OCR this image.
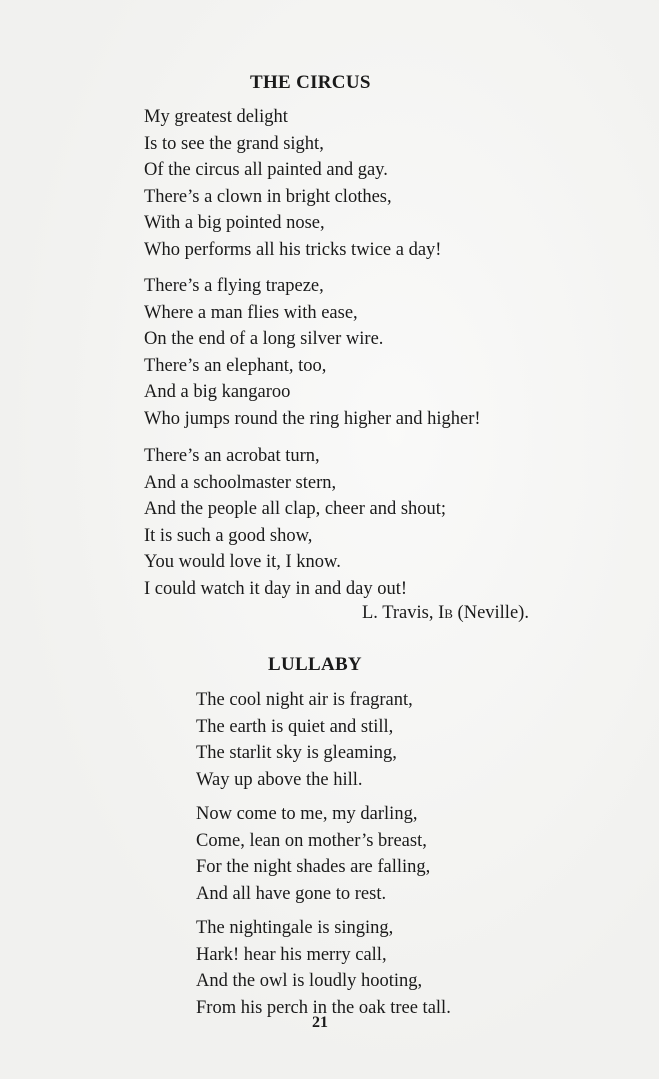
THE CIRCUS
My greatest delight
Is to see the grand sight,
Of the circus all painted and gay.
There’s a clown in bright clothes,
With a big pointed nose,
Who performs all his tricks twice a day!
There’s a flying trapeze,
Where a man flies with ease,
On the end of a long silver wire.
There’s an elephant, too,
And a big kangaroo
Who jumps round the ring higher and higher!
There’s an acrobat turn,
And a schoolmaster stern,
And the people all clap, cheer and shout;
It is such a good show,
You would love it, I know.
I could watch it day in and day out!
L. Travis, Ib (Neville).
LULLABY
The cool night air is fragrant,
The earth is quiet and still,
The starlit sky is gleaming,
Way up above the hill.
Now come to me, my darling,
Come, lean on mother’s breast,
For the night shades are falling,
And all have gone to rest.
The nightingale is singing,
Hark! hear his merry call,
And the owl is loudly hooting,
From his perch in the oak tree tall.
21
